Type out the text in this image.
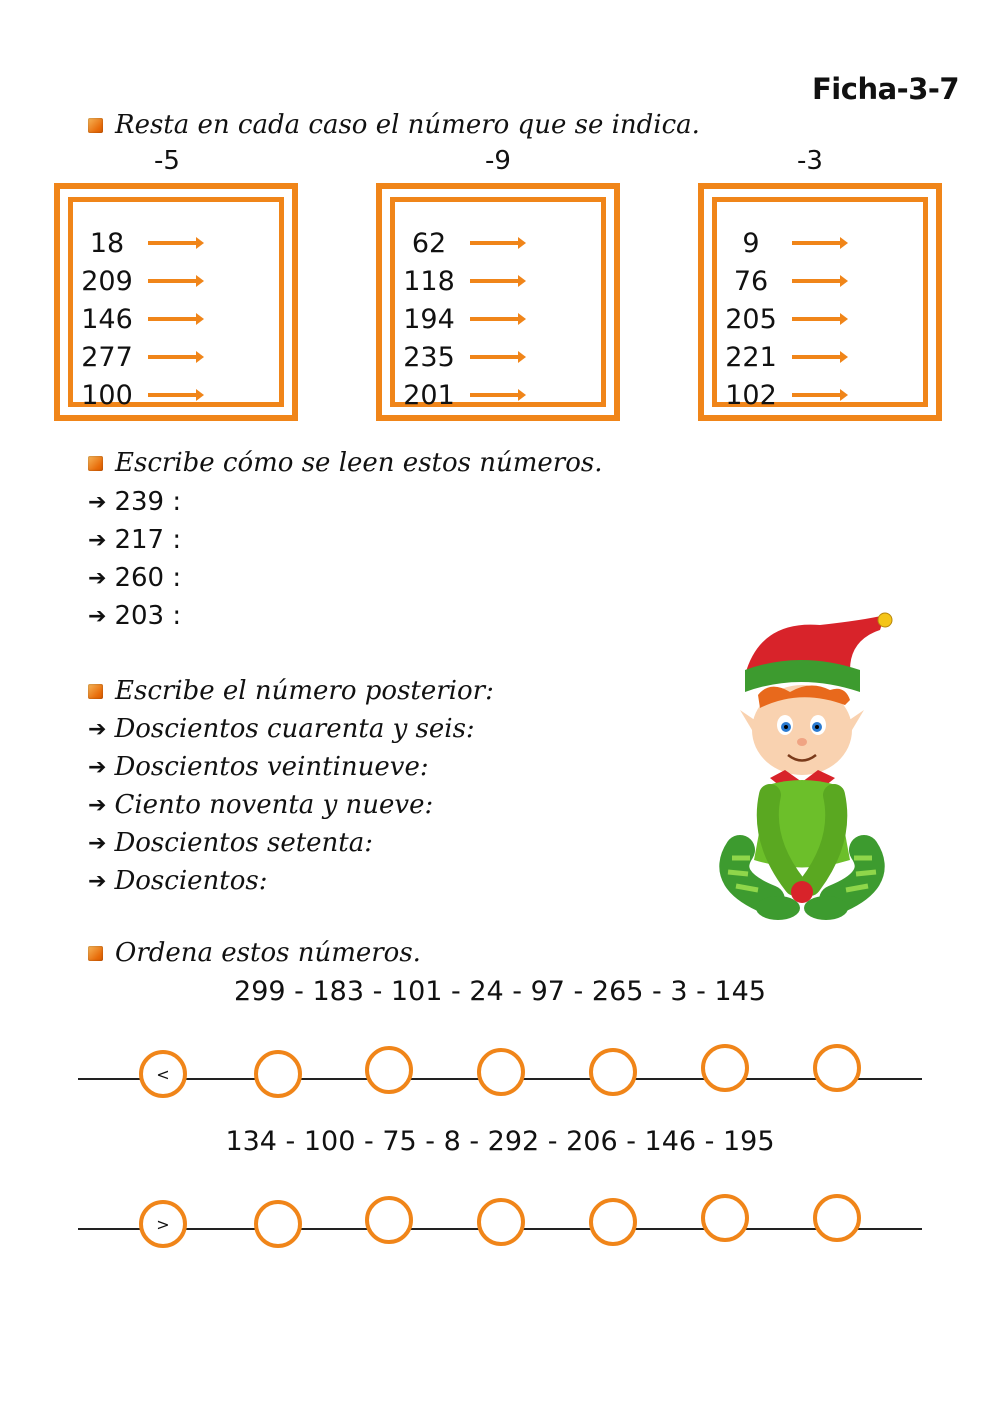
Ficha-3-7
Resta en cada caso el número que se indica.
-5	-9	-3
18
209
146
277
100
62
118
194
235
201
9
76
205
221
102
Escribe cómo se leen estos números.
➔ 239 :
➔ 217 :
➔ 260 :
➔ 203 :
Escribe el número posterior:
➔ Doscientos cuarenta y seis:
➔ Doscientos veintinueve:
➔ Ciento noventa y nueve:
➔ Doscientos setenta:
➔ Doscientos:
Ordena estos números.
299 - 183 - 101 - 24 - 97 - 265 - 3 - 145
<
134 - 100 - 75 - 8 - 292 - 206 - 146 - 195
>
